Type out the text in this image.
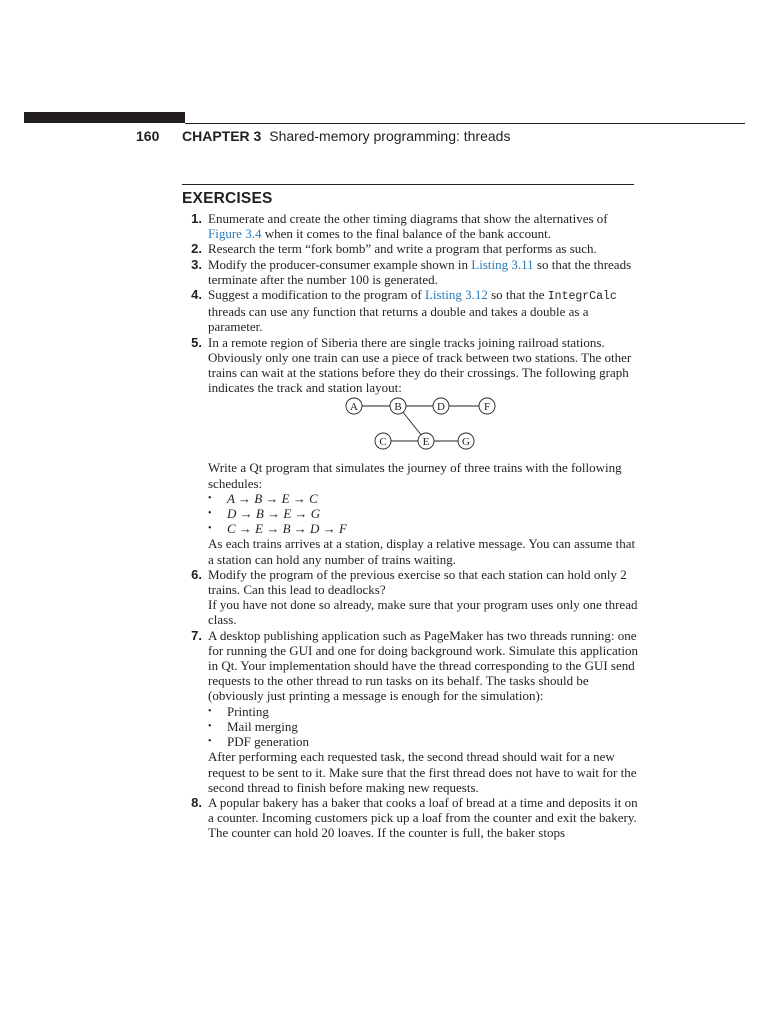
160 CHAPTER 3 Shared-memory programming: threads
EXERCISES
1. Enumerate and create the other timing diagrams that show the alternatives of Figure 3.4 when it comes to the final balance of the bank account.

2. Research the term “fork bomb” and write a program that performs as such.

3. Modify the producer-consumer example shown in Listing 3.11 so that the threads terminate after the number 100 is generated.

4. Suggest a modification to the program of Listing 3.12 so that the IntegrCalc threads can use any function that returns a double and takes a double as a parameter.

5. In a remote region of Siberia there are single tracks joining railroad stations. Obviously only one train can use a piece of track between two stations. The other trains can wait at the stations before they do their crossings. The following graph indicates the track and station layout:

A	B	D	F
C	E	G

Write a Qt program that simulates the journey of three trains with the following schedules:

• A → B → E → C
• D → B → E → G
• C → E → B → D → F

As each trains arrives at a station, display a relative message. You can assume that a station can hold any number of trains waiting.

6. Modify the program of the previous exercise so that each station can hold only 2 trains. Can this lead to deadlocks?

If you have not done so already, make sure that your program uses only one thread class.

7. A desktop publishing application such as PageMaker has two threads running: one for running the GUI and one for doing background work. Simulate this application in Qt. Your implementation should have the thread corresponding to the GUI send requests to the other thread to run tasks on its behalf. The tasks should be (obviously just printing a message is enough for the simulation):

• Printing
• Mail merging
• PDF generation

After performing each requested task, the second thread should wait for a new request to be sent to it. Make sure that the first thread does not have to wait for the second thread to finish before making new requests.

8. A popular bakery has a baker that cooks a loaf of bread at a time and deposits it on a counter. Incoming customers pick up a loaf from the counter and exit the bakery. The counter can hold 20 loaves. If the counter is full, the baker stops
